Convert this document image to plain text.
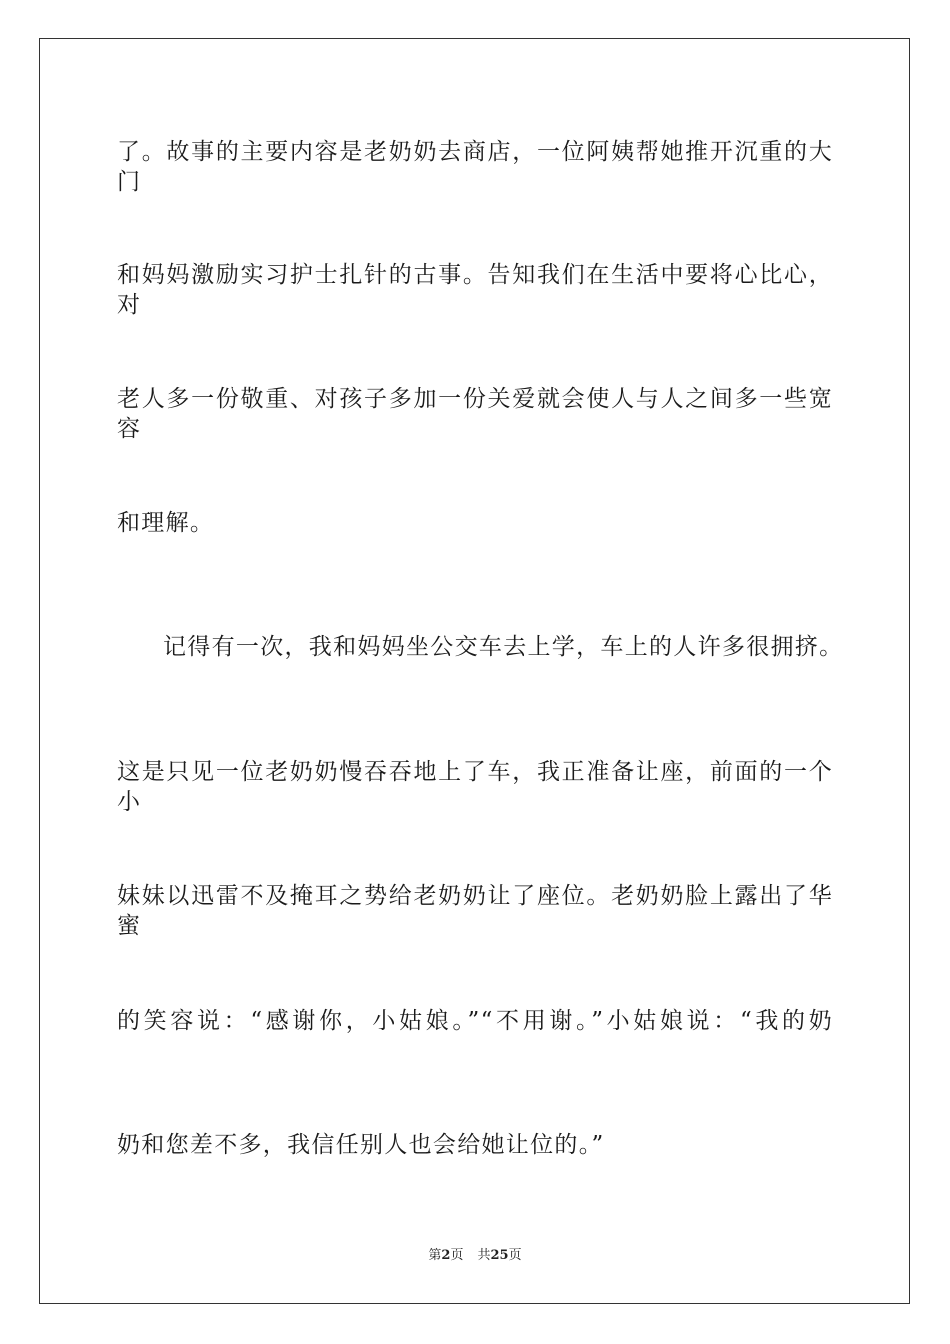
了。故事的主要内容是老奶奶去商店，一位阿姨帮她推开沉重的大门
和妈妈激励实习护士扎针的古事。告知我们在生活中要将心比心，对
老人多一份敬重、对孩子多加一份关爱就会使人与人之间多一些宽容
和理解。
记得有一次，我和妈妈坐公交车去上学，车上的人许多很拥挤。
这是只见一位老奶奶慢吞吞地上了车，我正准备让座，前面的一个小
妹妹以迅雷不及掩耳之势给老奶奶让了座位。老奶奶脸上露出了华蜜
的笑容说：“感谢你，小姑娘。”“不用谢。”小姑娘说：“我的奶
奶和您差不多，我信任别人也会给她让位的。”
第2页 共25页
